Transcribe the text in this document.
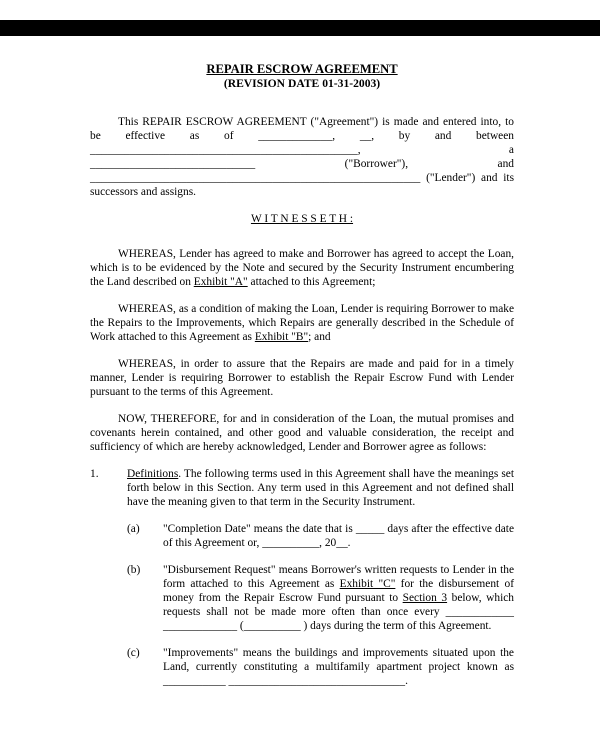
REPAIR ESCROW AGREEMENT
(REVISION DATE 01-31-2003)

This REPAIR ESCROW AGREEMENT ("Agreement") is made and entered into, to be effective as of _____________, __, by and between _______________________________________________, a _____________________________ ("Borrower"), and __________________________________________________________ ("Lender") and its successors and assigns.

W I T N E S S E T H :

WHEREAS, Lender has agreed to make and Borrower has agreed to accept the Loan, which is to be evidenced by the Note and secured by the Security Instrument encumbering the Land described on Exhibit "A" attached to this Agreement;

WHEREAS, as a condition of making the Loan, Lender is requiring Borrower to make the Repairs to the Improvements, which Repairs are generally described in the Schedule of Work attached to this Agreement as Exhibit "B"; and

WHEREAS, in order to assure that the Repairs are made and paid for in a timely manner, Lender is requiring Borrower to establish the Repair Escrow Fund with Lender pursuant to the terms of this Agreement.

NOW, THEREFORE, for and in consideration of the Loan, the mutual promises and covenants herein contained, and other good and valuable consideration, the receipt and sufficiency of which are hereby acknowledged, Lender and Borrower agree as follows:

1.	Definitions. The following terms used in this Agreement shall have the meanings set forth below in this Section. Any term used in this Agreement and not defined shall have the meaning given to that term in the Security Instrument.

(a)	"Completion Date" means the date that is _____ days after the effective date of this Agreement or, __________, 20__.

(b)	"Disbursement Request" means Borrower's written requests to Lender in the form attached to this Agreement as Exhibit "C" for the disbursement of money from the Repair Escrow Fund pursuant to Section 3 below, which requests shall not be made more often than once every ____________ _____________ (__________ ) days during the term of this Agreement.

(c)	"Improvements" means the buildings and improvements situated upon the Land, currently constituting a multifamily apartment project known as ___________ _______________________________.
